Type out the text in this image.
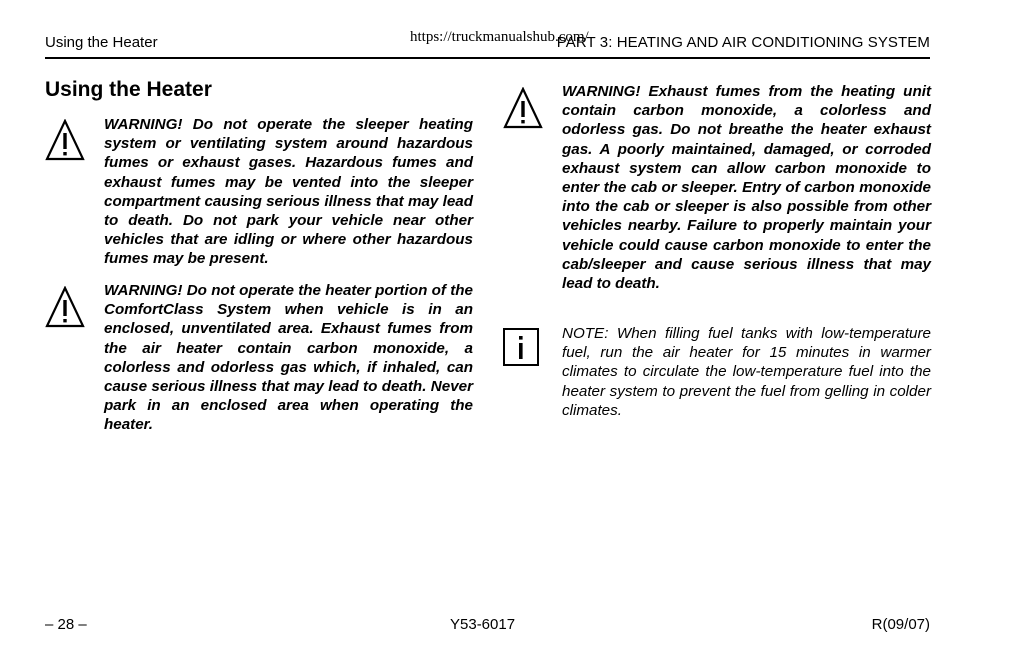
Using the Heater	https://truckmanualshub.com/
PART 3: HEATING AND AIR CONDITIONING SYSTEM
Using the Heater
WARNING! Do not operate the sleeper heating system or ventilating system around hazardous fumes or exhaust gases. Hazardous fumes and exhaust fumes may be vented into the sleeper compartment causing serious illness that may lead to death. Do not park your vehicle near other vehicles that are idling or where other hazardous fumes may be present.
WARNING! Do not operate the heater portion of the ComfortClass System when vehicle is in an enclosed, unventilated area. Exhaust fumes from the air heater contain carbon monoxide, a colorless and odorless gas which, if inhaled, can cause serious illness that may lead to death. Never park in an enclosed area when operating the heater.
WARNING! Exhaust fumes from the heating unit contain carbon monoxide, a colorless and odorless gas. Do not breathe the heater exhaust gas. A poorly maintained, damaged, or corroded exhaust system can allow carbon monoxide to enter the cab or sleeper. Entry of carbon monoxide into the cab or sleeper is also possible from other vehicles nearby. Failure to properly maintain your vehicle could cause carbon monoxide to enter the cab/sleeper and cause serious illness that may lead to death.
NOTE: When filling fuel tanks with low-temperature fuel, run the air heater for 15 minutes in warmer climates to circulate the low-temperature fuel into the heater system to prevent the fuel from gelling in colder climates.
– 28 –	Y53-6017	R(09/07)
